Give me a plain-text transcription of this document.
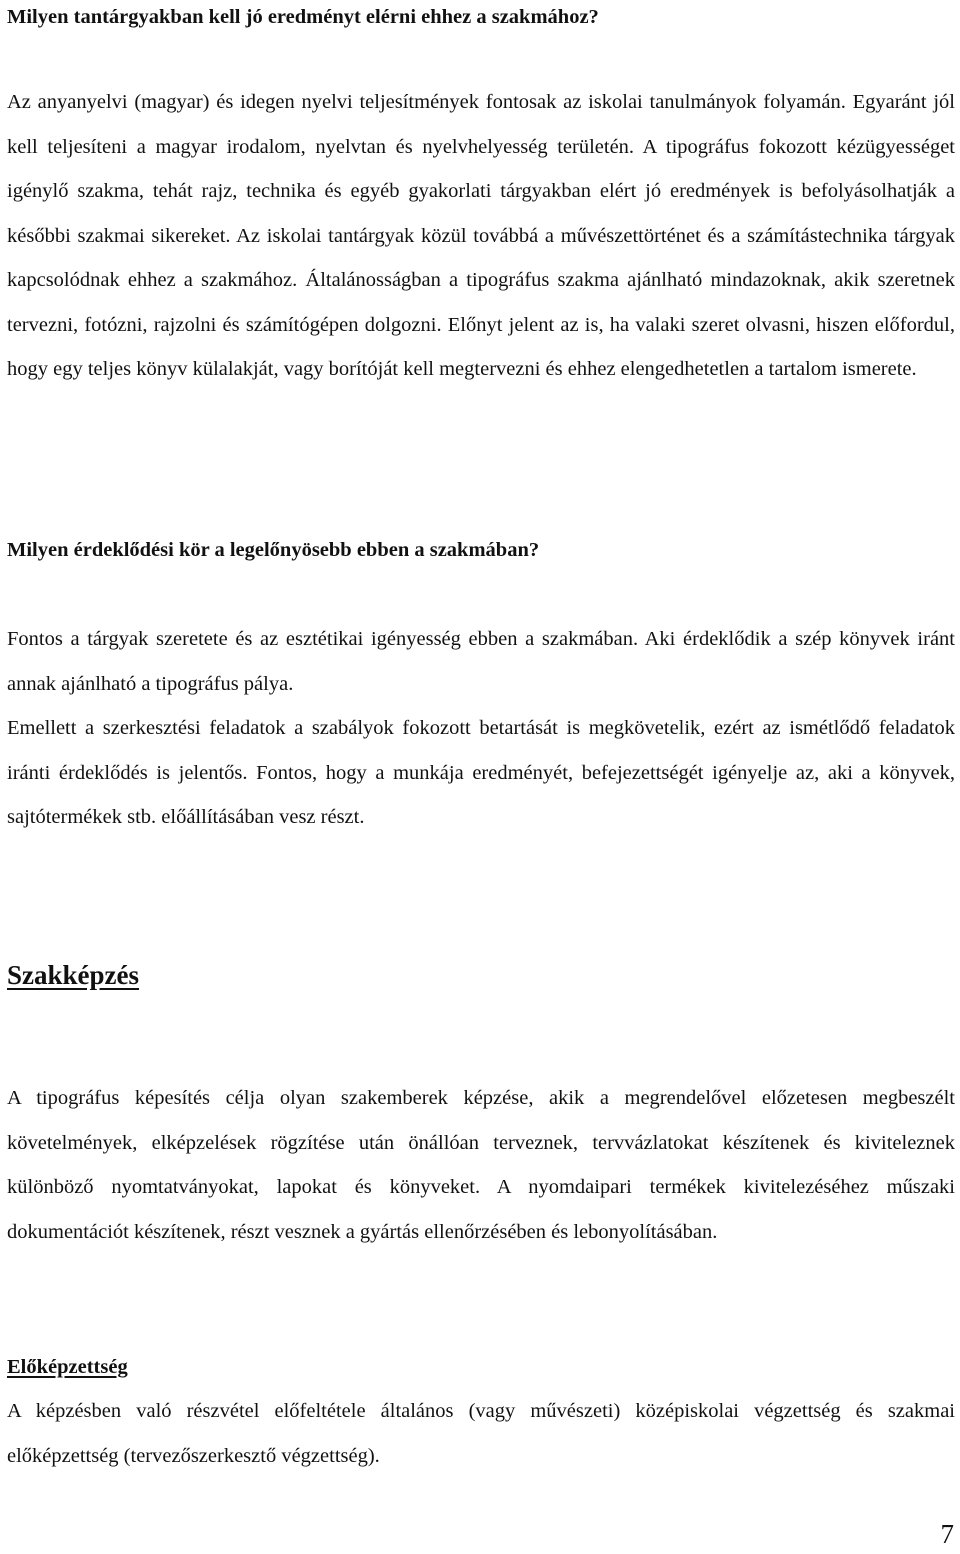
Milyen tantárgyakban kell jó eredményt elérni ehhez a szakmához?

Az anyanyelvi (magyar) és idegen nyelvi teljesítmények fontosak az iskolai tanulmányok folyamán. Egyaránt jól kell teljesíteni a magyar irodalom, nyelvtan és nyelvhelyesség területén. A tipográfus fokozott kézügyességet igénylő szakma, tehát rajz, technika és egyéb gyakorlati tárgyakban elért jó eredmények is befolyásolhatják a későbbi szakmai sikereket. Az iskolai tantárgyak közül továbbá a művészettörténet és a számítástechnika tárgyak kapcsolódnak ehhez a szakmához. Általánosságban a tipográfus szakma ajánlható mindazoknak, akik szeretnek tervezni, fotózni, rajzolni és számítógépen dolgozni. Előnyt jelent az is, ha valaki szeret olvasni, hiszen előfordul, hogy egy teljes könyv külalakját, vagy borítóját kell megtervezni és ehhez elengedhetetlen a tartalom ismerete.

Milyen érdeklődési kör a legelőnyösebb ebben a szakmában?

Fontos a tárgyak szeretete és az esztétikai igényesség ebben a szakmában. Aki érdeklődik a szép könyvek iránt annak ajánlható a tipográfus pálya.

Emellett a szerkesztési feladatok a szabályok fokozott betartását is megkövetelik, ezért az ismétlődő feladatok iránti érdeklődés is jelentős. Fontos, hogy a munkája eredményét, befejezettségét igényelje az, aki a könyvek, sajtótermékek stb. előállításában vesz részt.

Szakképzés

A tipográfus képesítés célja olyan szakemberek képzése, akik a megrendelővel előzetesen megbeszélt követelmények, elképzelések rögzítése után önállóan terveznek, tervvázlatokat készítenek és kiviteleznek különböző nyomtatványokat, lapokat és könyveket. A nyomdaipari termékek kivitelezéséhez műszaki dokumentációt készítenek, részt vesznek a gyártás ellenőrzésében és lebonyolításában.

Előképzettség

A képzésben való részvétel előfeltétele általános (vagy művészeti) középiskolai végzettség és szakmai előképzettség (tervezőszerkesztő végzettség).

7
